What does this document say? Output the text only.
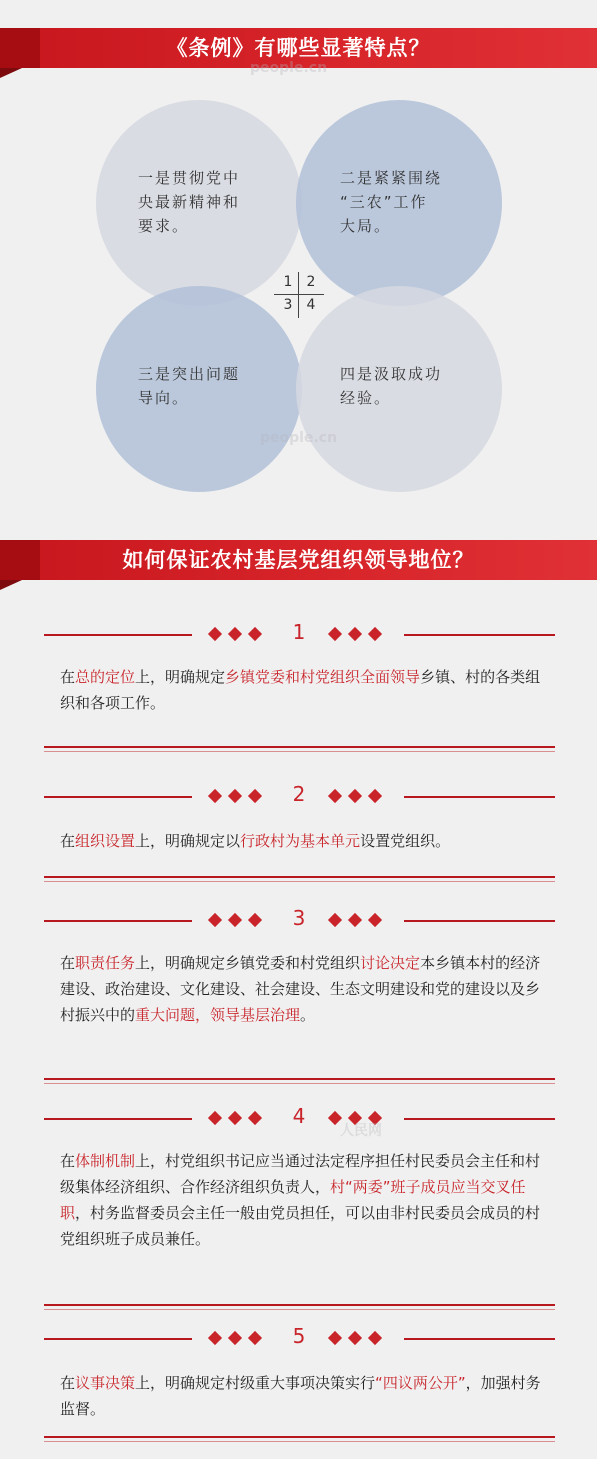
《条例》有哪些显著特点？
一是贯彻党中
央最新精神和
要求。
二是紧紧围绕
“三农”工作
大局。
三是突出问题
导向。
四是汲取成功
经验。
1	2
3	4
people.cn
people.cn
如何保证农村基层党组织领导地位？
1
在总的定位上，明确规定乡镇党委和村党组织全面领导乡镇、村的各类组织和各项工作。
2
在组织设置上，明确规定以行政村为基本单元设置党组织。
3
在职责任务上，明确规定乡镇党委和村党组织讨论决定本乡镇本村的经济建设、政治建设、文化建设、社会建设、生态文明建设和党的建设以及乡村振兴中的重大问题，领导基层治理。
4
在体制机制上，村党组织书记应当通过法定程序担任村民委员会主任和村级集体经济组织、合作经济组织负责人，村“两委”班子成员应当交叉任职，村务监督委员会主任一般由党员担任，可以由非村民委员会成员的村党组织班子成员兼任。
人民网
5
在议事决策上，明确规定村级重大事项决策实行“四议两公开”，加强村务监督。
